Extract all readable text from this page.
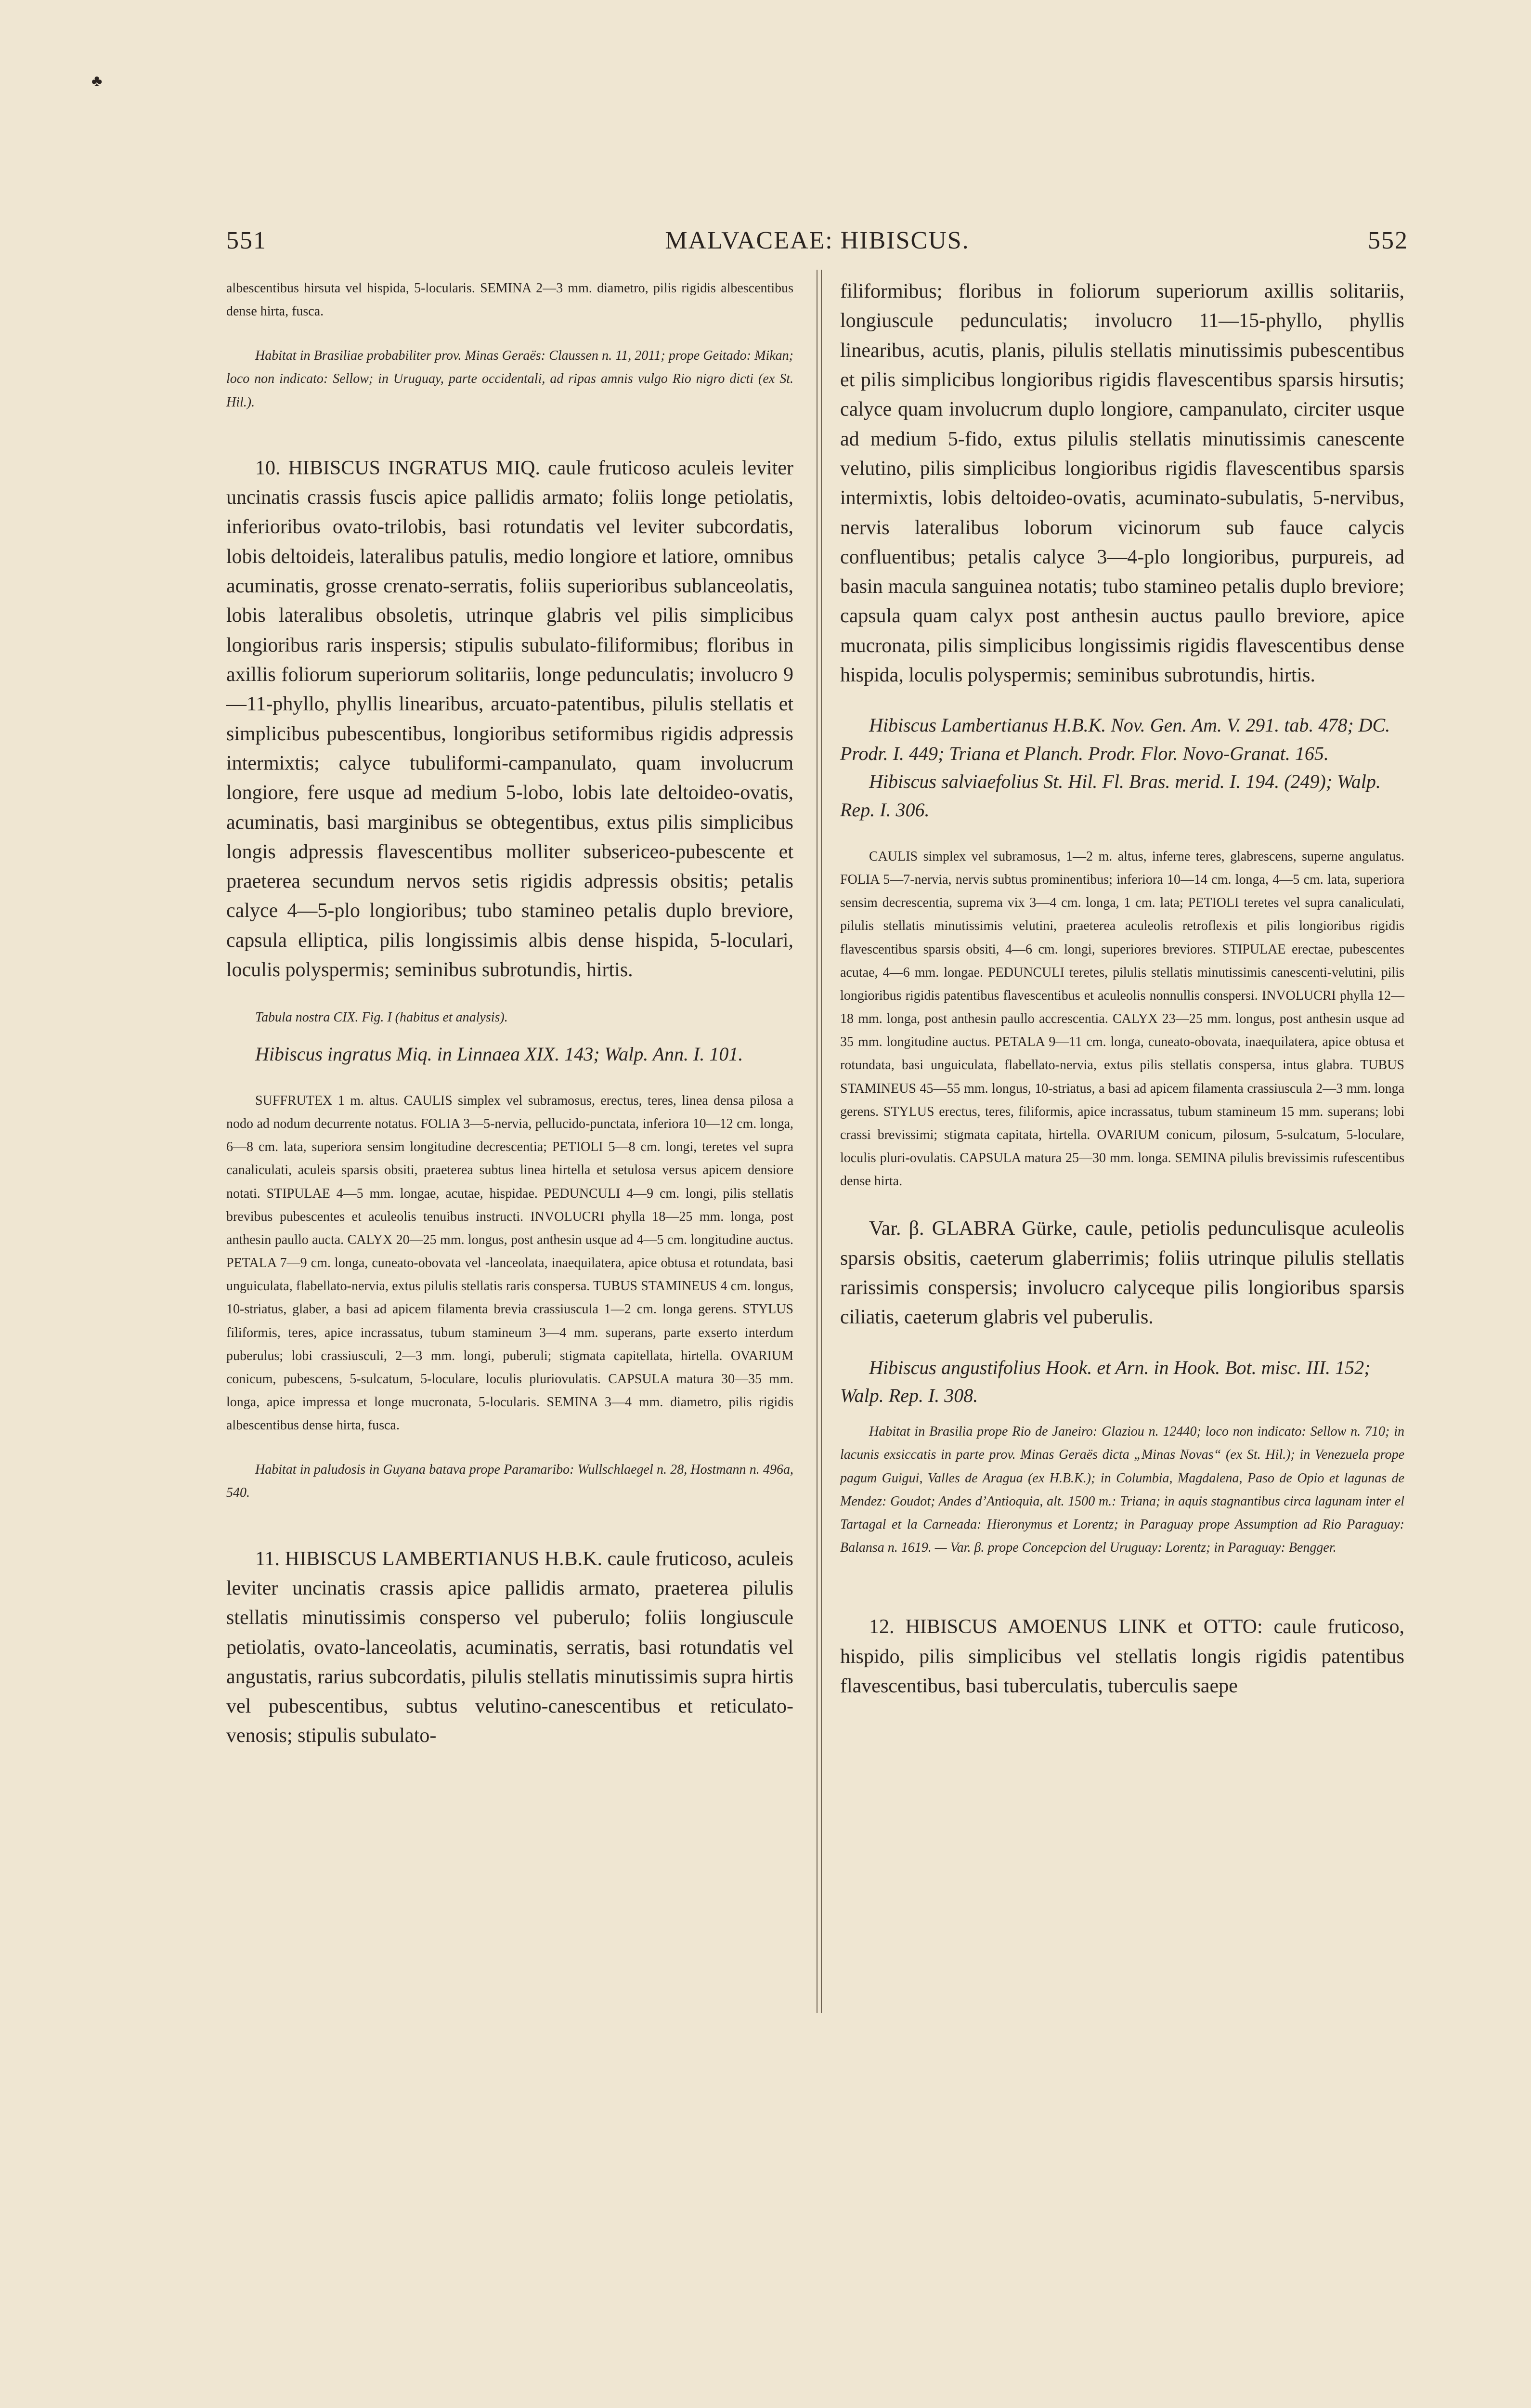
♣
551	MALVACEAE: HIBISCUS.	552

albescentibus hirsuta vel hispida, 5-locularis. SEMINA 2—3 mm. diametro, pilis rigidis albescentibus dense hirta, fusca.

Habitat in Brasiliae probabiliter prov. Minas Geraës: Claussen n. 11, 2011; prope Geitado: Mikan; loco non indicato: Sellow; in Uruguay, parte occidentali, ad ripas amnis vulgo Rio nigro dicti (ex St. Hil.).

10. HIBISCUS INGRATUS MIQ. caule fruticoso aculeis leviter uncinatis crassis fuscis apice pallidis armato; foliis longe petiolatis, inferioribus ovato-trilobis, basi rotundatis vel leviter subcordatis, lobis deltoideis, lateralibus patulis, medio longiore et latiore, omnibus acuminatis, grosse crenato-serratis, foliis superioribus sublanceolatis, lobis lateralibus obsoletis, utrinque glabris vel pilis simplicibus longioribus raris inspersis; stipulis subulato-filiformibus; floribus in axillis foliorum superiorum solitariis, longe pedunculatis; involucro 9—11-phyllo, phyllis linearibus, arcuato-patentibus, pilulis stellatis et simplicibus pubescentibus, longioribus setiformibus rigidis adpressis intermixtis; calyce tubuliformi-campanulato, quam involucrum longiore, fere usque ad medium 5-lobo, lobis late deltoideo-ovatis, acuminatis, basi marginibus se obtegentibus, extus pilis simplicibus longis adpressis flavescentibus molliter subsericeo-pubescente et praeterea secundum nervos setis rigidis adpressis obsitis; petalis calyce 4—5-plo longioribus; tubo stamineo petalis duplo breviore, capsula elliptica, pilis longissimis albis dense hispida, 5-loculari, loculis polyspermis; seminibus subrotundis, hirtis.

Tabula nostra CIX. Fig. I (habitus et analysis).

Hibiscus ingratus Miq. in Linnaea XIX. 143; Walp. Ann. I. 101.

SUFFRUTEX 1 m. altus. CAULIS simplex vel subramosus, erectus, teres, linea densa pilosa a nodo ad nodum decurrente notatus. FOLIA 3—5-nervia, pellucido-punctata, inferiora 10—12 cm. longa, 6—8 cm. lata, superiora sensim longitudine decrescentia; PETIOLI 5—8 cm. longi, teretes vel supra canaliculati, aculeis sparsis obsiti, praeterea subtus linea hirtella et setulosa versus apicem densiore notati. STIPULAE 4—5 mm. longae, acutae, hispidae. PEDUNCULI 4—9 cm. longi, pilis stellatis brevibus pubescentes et aculeolis tenuibus instructi. INVOLUCRI phylla 18—25 mm. longa, post anthesin paullo aucta. CALYX 20—25 mm. longus, post anthesin usque ad 4—5 cm. longitudine auctus. PETALA 7—9 cm. longa, cuneato-obovata vel -lanceolata, inaequilatera, apice obtusa et rotundata, basi unguiculata, flabellato-nervia, extus pilulis stellatis raris conspersa. TUBUS STAMINEUS 4 cm. longus, 10-striatus, glaber, a basi ad apicem filamenta brevia crassiuscula 1—2 cm. longa gerens. STYLUS filiformis, teres, apice incrassatus, tubum stamineum 3—4 mm. superans, parte exserto interdum puberulus; lobi crassiusculi, 2—3 mm. longi, puberuli; stigmata capitellata, hirtella. OVARIUM conicum, pubescens, 5-sulcatum, 5-loculare, loculis pluriovulatis. CAPSULA matura 30—35 mm. longa, apice impressa et longe mucronata, 5-locularis. SEMINA 3—4 mm. diametro, pilis rigidis albescentibus dense hirta, fusca.

Habitat in paludosis in Guyana batava prope Paramaribo: Wullschlaegel n. 28, Hostmann n. 496a, 540.

11. HIBISCUS LAMBERTIANUS H.B.K. caule fruticoso, aculeis leviter uncinatis crassis apice pallidis armato, praeterea pilulis stellatis minutissimis consperso vel puberulo; foliis longiuscule petiolatis, ovato-lanceolatis, acuminatis, serratis, basi rotundatis vel angustatis, rarius subcordatis, pilulis stellatis minutissimis supra hirtis vel pubescentibus, subtus velutino-canescentibus et reticulato-venosis; stipulis subulato-

filiformibus; floribus in foliorum superiorum axillis solitariis, longiuscule pedunculatis; involucro 11—15-phyllo, phyllis linearibus, acutis, planis, pilulis stellatis minutissimis pubescentibus et pilis simplicibus longioribus rigidis flavescentibus sparsis hirsutis; calyce quam involucrum duplo longiore, campanulato, circiter usque ad medium 5-fido, extus pilulis stellatis minutissimis canescente velutino, pilis simplicibus longioribus rigidis flavescentibus sparsis intermixtis, lobis deltoideo-ovatis, acuminato-subulatis, 5-nervibus, nervis lateralibus loborum vicinorum sub fauce calycis confluentibus; petalis calyce 3—4-plo longioribus, purpureis, ad basin macula sanguinea notatis; tubo stamineo petalis duplo breviore; capsula quam calyx post anthesin auctus paullo breviore, apice mucronata, pilis simplicibus longissimis rigidis flavescentibus dense hispida, loculis polyspermis; seminibus subrotundis, hirtis.

Hibiscus Lambertianus H.B.K. Nov. Gen. Am. V. 291. tab. 478; DC. Prodr. I. 449; Triana et Planch. Prodr. Flor. Novo-Granat. 165.

Hibiscus salviaefolius St. Hil. Fl. Bras. merid. I. 194. (249); Walp. Rep. I. 306.

CAULIS simplex vel subramosus, 1—2 m. altus, inferne teres, glabrescens, superne angulatus. FOLIA 5—7-nervia, nervis subtus prominentibus; inferiora 10—14 cm. longa, 4—5 cm. lata, superiora sensim decrescentia, suprema vix 3—4 cm. longa, 1 cm. lata; PETIOLI teretes vel supra canaliculati, pilulis stellatis minutissimis velutini, praeterea aculeolis retroflexis et pilis longioribus rigidis flavescentibus sparsis obsiti, 4—6 cm. longi, superiores breviores. STIPULAE erectae, pubescentes acutae, 4—6 mm. longae. PEDUNCULI teretes, pilulis stellatis minutissimis canescenti-velutini, pilis longioribus rigidis patentibus flavescentibus et aculeolis nonnullis conspersi. INVOLUCRI phylla 12—18 mm. longa, post anthesin paullo accrescentia. CALYX 23—25 mm. longus, post anthesin usque ad 35 mm. longitudine auctus. PETALA 9—11 cm. longa, cuneato-obovata, inaequilatera, apice obtusa et rotundata, basi unguiculata, flabellato-nervia, extus pilis stellatis conspersa, intus glabra. TUBUS STAMINEUS 45—55 mm. longus, 10-striatus, a basi ad apicem filamenta crassiuscula 2—3 mm. longa gerens. STYLUS erectus, teres, filiformis, apice incrassatus, tubum stamineum 15 mm. superans; lobi crassi brevissimi; stigmata capitata, hirtella. OVARIUM conicum, pilosum, 5-sulcatum, 5-loculare, loculis pluri-ovulatis. CAPSULA matura 25—30 mm. longa. SEMINA pilulis brevissimis rufescentibus dense hirta.

Var. β. GLABRA Gürke, caule, petiolis pedunculisque aculeolis sparsis obsitis, caeterum glaberrimis; foliis utrinque pilulis stellatis rarissimis conspersis; involucro calyceque pilis longioribus sparsis ciliatis, caeterum glabris vel puberulis.

Hibiscus angustifolius Hook. et Arn. in Hook. Bot. misc. III. 152; Walp. Rep. I. 308.

Habitat in Brasilia prope Rio de Janeiro: Glaziou n. 12440; loco non indicato: Sellow n. 710; in lacunis exsiccatis in parte prov. Minas Geraës dicta „Minas Novas“ (ex St. Hil.); in Venezuela prope pagum Guigui, Valles de Aragua (ex H.B.K.); in Columbia, Magdalena, Paso de Opio et lagunas de Mendez: Goudot; Andes d’Antioquia, alt. 1500 m.: Triana; in aquis stagnantibus circa lagunam inter el Tartagal et la Carneada: Hieronymus et Lorentz; in Paraguay prope Assumption ad Rio Paraguay: Balansa n. 1619. — Var. β. prope Concepcion del Uruguay: Lorentz; in Paraguay: Bengger.

12. HIBISCUS AMOENUS LINK et OTTO: caule fruticoso, hispido, pilis simplicibus vel stellatis longis rigidis patentibus flavescentibus, basi tuberculatis, tuberculis saepe
